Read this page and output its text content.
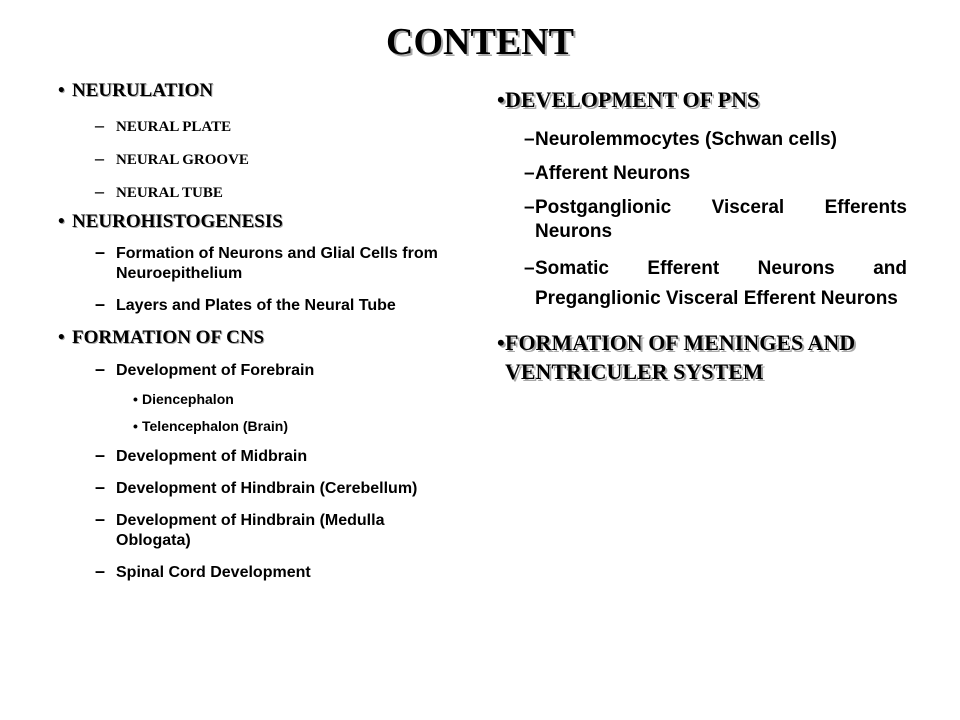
CONTENT
• NEURULATION
– NEURAL PLATE
– NEURAL GROOVE
– NEURAL TUBE
• NEUROHISTOGENESIS
– Formation of Neurons and Glial Cells from Neuroepithelium
– Layers and Plates of the Neural Tube
• FORMATION OF CNS
– Development of Forebrain
• Diencephalon
• Telencephalon (Brain)
– Development of Midbrain
– Development of Hindbrain (Cerebellum)
– Development of Hindbrain (Medulla Oblogata)
– Spinal Cord Development
• DEVELOPMENT OF PNS
– Neurolemmocytes (Schwan cells)
– Afferent Neurons
– Postganglionic Visceral Efferents Neurons
– Somatic Efferent Neurons and Preganglionic Visceral Efferent Neurons
• FORMATION OF MENINGES AND VENTRICULER SYSTEM
